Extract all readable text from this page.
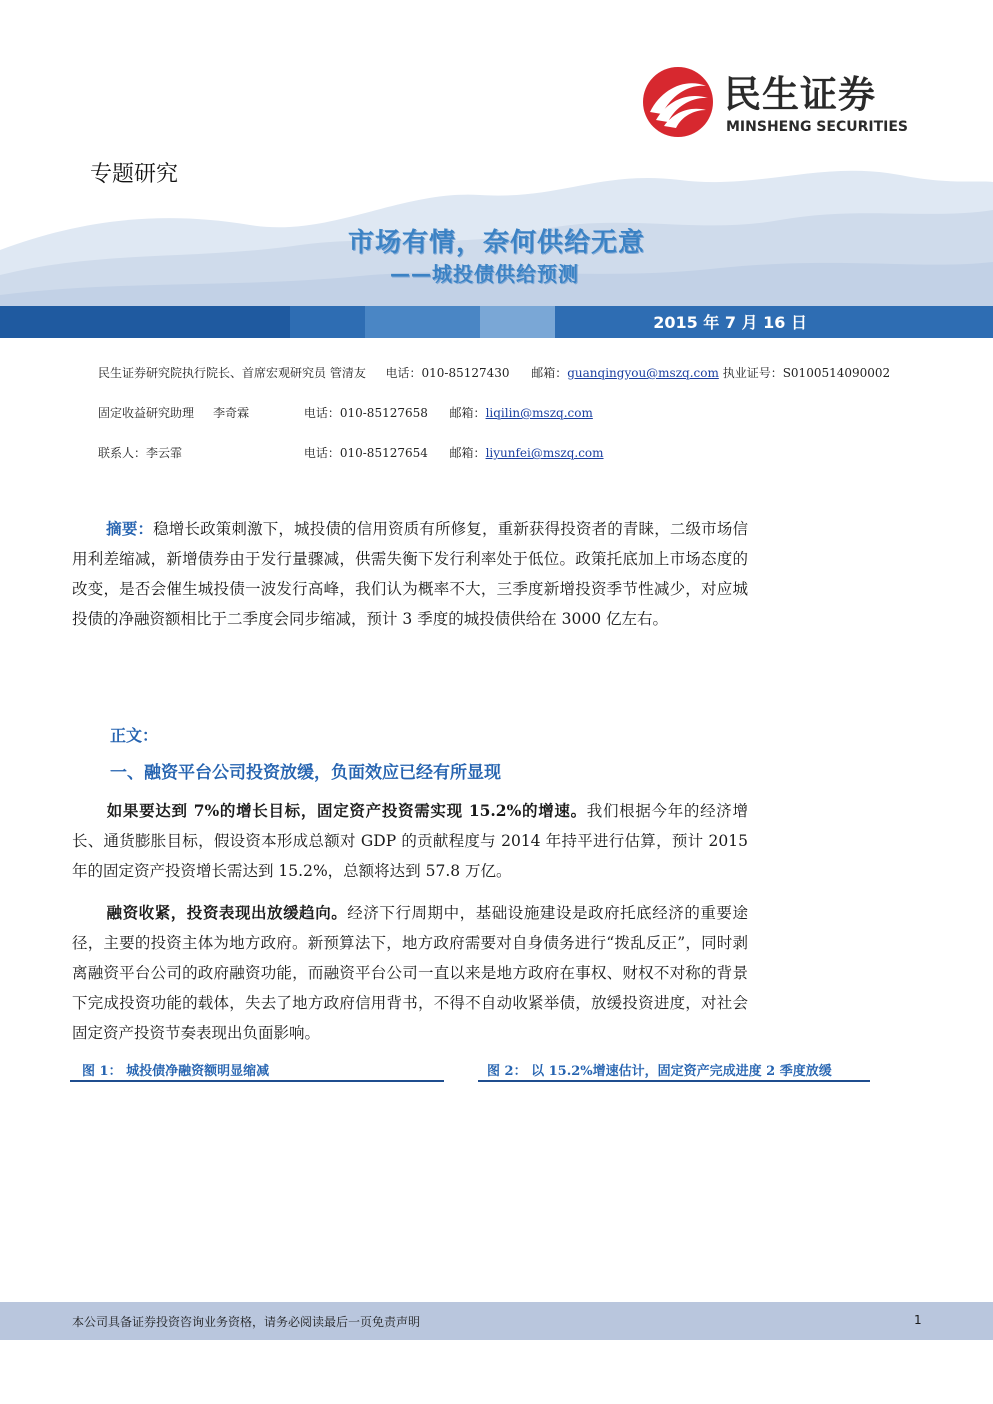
民生证券
MINSHENG SECURITIES
专题研究
市场有情，奈何供给无意
——城投债供给预测
2015 年 7 月 16 日
民生证券研究院执行院长、首席宏观研究员 管清友 电话：010-85127430 邮箱：guanqingyou@mszq.com 执业证号：S0100514090002
固定收益研究助理     李奇霖	电话：010-85127658 邮箱：liqilin@mszq.com
联系人：李云霏	电话：010-85127654 邮箱：liyunfei@mszq.com
摘要：稳增长政策刺激下，城投债的信用资质有所修复，重新获得投资者的青睐，二级市场信用利差缩减，新增债券由于发行量骤减，供需失衡下发行利率处于低位。政策托底加上市场态度的改变，是否会催生城投债一波发行高峰，我们认为概率不大，三季度新增投资季节性减少，对应城投债的净融资额相比于二季度会同步缩减，预计 3 季度的城投债供给在 3000 亿左右。
正文：
一、融资平台公司投资放缓，负面效应已经有所显现
如果要达到 7%的增长目标，固定资产投资需实现 15.2%的增速。我们根据今年的经济增长、通货膨胀目标，假设资本形成总额对 GDP 的贡献程度与 2014 年持平进行估算，预计 2015 年的固定资产投资增长需达到 15.2%，总额将达到 57.8 万亿。
融资收紧，投资表现出放缓趋向。经济下行周期中，基础设施建设是政府托底经济的重要途径，主要的投资主体为地方政府。新预算法下，地方政府需要对自身债务进行“拨乱反正”，同时剥离融资平台公司的政府融资功能，而融资平台公司一直以来是地方政府在事权、财权不对称的背景下完成投资功能的载体，失去了地方政府信用背书，不得不自动收紧举债，放缓投资进度，对社会固定资产投资节奏表现出负面影响。
图 1： 城投债净融资额明显缩减	图 2： 以 15.2%增速估计，固定资产完成进度 2 季度放缓
本公司具备证券投资咨询业务资格，请务必阅读最后一页免责声明	1
